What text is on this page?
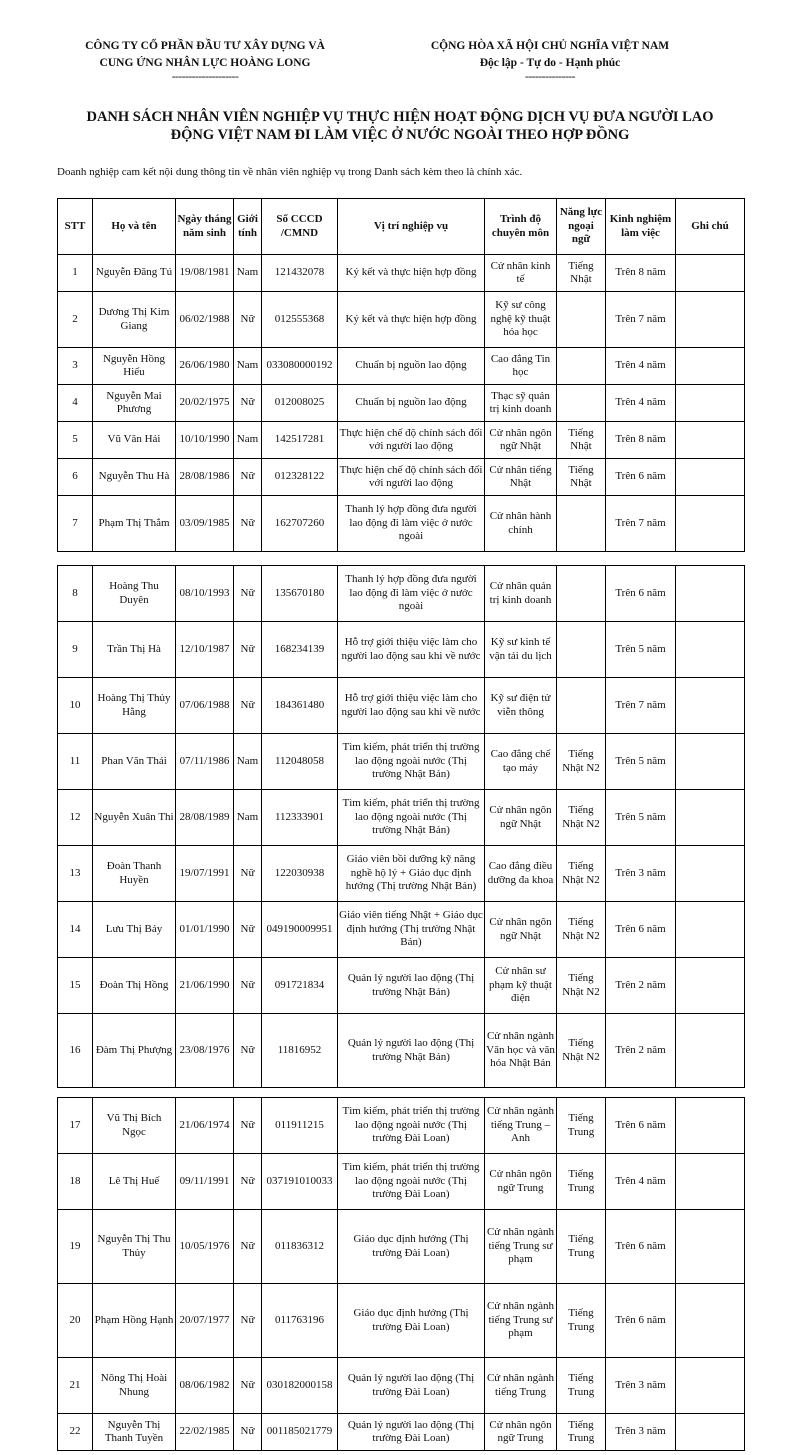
CÔNG TY CỔ PHẦN ĐẦU TƯ XÂY DỰNG VÀ
CUNG ỨNG NHÂN LỰC HOÀNG LONG
--------------------
CỘNG HÒA XÃ HỘI CHỦ NGHĨA VIỆT NAM
Độc lập - Tự do - Hạnh phúc
---------------
DANH SÁCH NHÂN VIÊN NGHIỆP VỤ THỰC HIỆN HOẠT ĐỘNG DỊCH VỤ ĐƯA NGƯỜI LAO
ĐỘNG VIỆT NAM ĐI LÀM VIỆC Ở NƯỚC NGOÀI THEO HỢP ĐỒNG
Doanh nghiệp cam kết nội dung thông tin về nhân viên nghiệp vụ trong Danh sách kèm theo là chính xác.
STT	Họ và tên	Ngày tháng năm sinh	Giới tính	Số CCCD /CMND	Vị trí nghiệp vụ	Trình độ chuyên môn	Năng lực ngoại ngữ	Kinh nghiệm làm việc	Ghi chú
1	Nguyễn Đăng Tú	19/08/1981	Nam	121432078	Ký kết và thực hiện hợp đồng	Cử nhân kinh tế	Tiếng Nhật	Trên 8 năm	
2	Dương Thị Kim Giang	06/02/1988	Nữ	012555368	Ký kết và thực hiện hợp đồng	Kỹ sư công nghệ kỹ thuật hóa học		Trên 7 năm	
3	Nguyễn Hồng Hiếu	26/06/1980	Nam	033080000192	Chuẩn bị nguồn lao động	Cao đẳng Tin học		Trên 4 năm	
4	Nguyễn Mai Phương	20/02/1975	Nữ	012008025	Chuẩn bị nguồn lao động	Thạc sỹ quản trị kinh doanh		Trên 4 năm	
5	Vũ Văn Hải	10/10/1990	Nam	142517281	Thực hiện chế độ chính sách đối với người lao động	Cử nhân ngôn ngữ Nhật	Tiếng Nhật	Trên 8 năm	
6	Nguyễn Thu Hà	28/08/1986	Nữ	012328122	Thực hiện chế độ chính sách đối với người lao động	Cử nhân tiếng Nhật	Tiếng Nhật	Trên 6 năm	
7	Phạm Thị Thắm	03/09/1985	Nữ	162707260	Thanh lý hợp đồng đưa người lao động đi làm việc ở nước ngoài	Cử nhân hành chính		Trên 7 năm	
8	Hoàng Thu Duyên	08/10/1993	Nữ	135670180	Thanh lý hợp đồng đưa người lao động đi làm việc ở nước ngoài	Cử nhân quản trị kinh doanh		Trên 6 năm	
9	Trần Thị Hà	12/10/1987	Nữ	168234139	Hỗ trợ giới thiệu việc làm cho người lao động sau khi về nước	Kỹ sư kinh tế vận tải du lịch		Trên 5 năm	
10	Hoàng Thị Thủy Hằng	07/06/1988	Nữ	184361480	Hỗ trợ giới thiệu việc làm cho người lao động sau khi về nước	Kỹ sư điện tử viễn thông		Trên 7 năm	
11	Phan Văn Thái	07/11/1986	Nam	112048058	Tìm kiếm, phát triển thị trường lao động ngoài nước (Thị trường Nhật Bản)	Cao đẳng chế tạo máy	Tiếng Nhật N2	Trên 5 năm	
12	Nguyễn Xuân Thi	28/08/1989	Nam	112333901	Tìm kiếm, phát triển thị trường lao động ngoài nước (Thị trường Nhật Bản)	Cử nhân ngôn ngữ Nhật	Tiếng Nhật N2	Trên 5 năm	
13	Đoàn Thanh Huyền	19/07/1991	Nữ	122030938	Giáo viên bồi dưỡng kỹ năng nghề hộ lý + Giáo dục định hướng (Thị trường Nhật Bản)	Cao đẳng điều dưỡng đa khoa	Tiếng Nhật N2	Trên 3 năm	
14	Lưu Thị Bảy	01/01/1990	Nữ	049190009951	Giáo viên tiếng Nhật + Giáo dục định hướng (Thị trường Nhật Bản)	Cử nhân ngôn ngữ Nhật	Tiếng Nhật N2	Trên 6 năm	
15	Đoàn Thị Hồng	21/06/1990	Nữ	091721834	Quản lý người lao động (Thị trường Nhật Bản)	Cử nhân sư phạm kỹ thuật điện	Tiếng Nhật N2	Trên 2 năm	
16	Đàm Thị Phượng	23/08/1976	Nữ	11816952	Quản lý người lao động (Thị trường Nhật Bản)	Cử nhân ngành Văn học và văn hóa Nhật Bản	Tiếng Nhật N2	Trên 2 năm	
17	Vũ Thị Bích Ngọc	21/06/1974	Nữ	011911215	Tìm kiếm, phát triển thị trường lao động ngoài nước (Thị trường Đài Loan)	Cử nhân ngành tiếng Trung – Anh	Tiếng Trung	Trên 6 năm	
18	Lê Thị Huế	09/11/1991	Nữ	037191010033	Tìm kiếm, phát triển thị trường lao động ngoài nước (Thị trường Đài Loan)	Cử nhân ngôn ngữ Trung	Tiếng Trung	Trên 4 năm	
19	Nguyễn Thị Thu Thủy	10/05/1976	Nữ	011836312	Giáo dục định hướng (Thị trường Đài Loan)	Cử nhân ngành tiếng Trung sư phạm	Tiếng Trung	Trên 6 năm	
20	Phạm Hồng Hạnh	20/07/1977	Nữ	011763196	Giáo dục định hướng (Thị trường Đài Loan)	Cử nhân ngành tiếng Trung sư phạm	Tiếng Trung	Trên 6 năm	
21	Nông Thị Hoài Nhung	08/06/1982	Nữ	030182000158	Quản lý người lao động (Thị trường Đài Loan)	Cử nhân ngành tiếng Trung	Tiếng Trung	Trên 3 năm	
22	Nguyễn Thị Thanh Tuyền	22/02/1985	Nữ	001185021779	Quản lý người lao động (Thị trường Đài Loan)	Cử nhân ngôn ngữ Trung	Tiếng Trung	Trên 3 năm	
